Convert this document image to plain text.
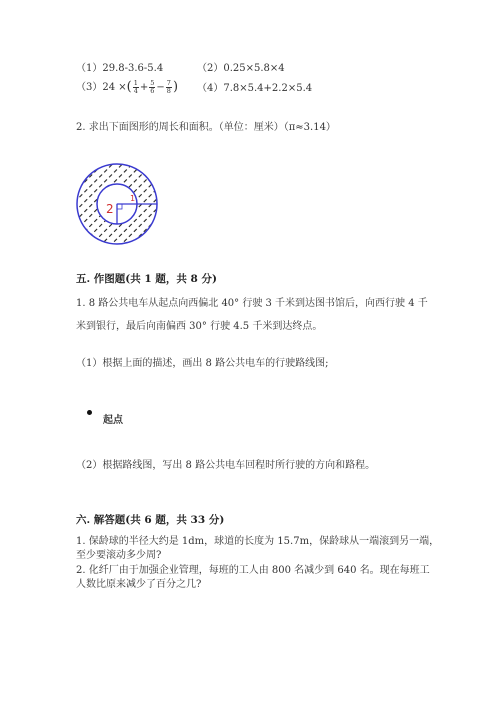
（1）29.8-3.6-5.4	（2）0.25×5.8×4
（3）24 ×( $\frac{1}{4} + \frac{5}{6} - \frac{7}{8}$ ) （4）7.8×5.4+2.2×5.4
2. 求出下面图形的周长和面积。（单位：厘米）（π≈3.14）
2
1
五. 作图题(共 1 题，共 8 分)
1. 8 路公共电车从起点向西偏北 40° 行驶 3 千米到达图书馆后，向西行驶 4 千
米到银行，最后向南偏西 30° 行驶 4.5 千米到达终点。
（1）根据上面的描述，画出 8 路公共电车的行驶路线图;
起点
（2）根据路线图，写出 8 路公共电车回程时所行驶的方向和路程。
六. 解答题(共 6 题，共 33 分)
1. 保龄球的半径大约是 1dm，球道的长度为 15.7m，保龄球从一端滚到另一端，
至少要滚动多少周?
2. 化纤厂由于加强企业管理，每班的工人由 800 名减少到 640 名。现在每班工
人数比原来减少了百分之几?
